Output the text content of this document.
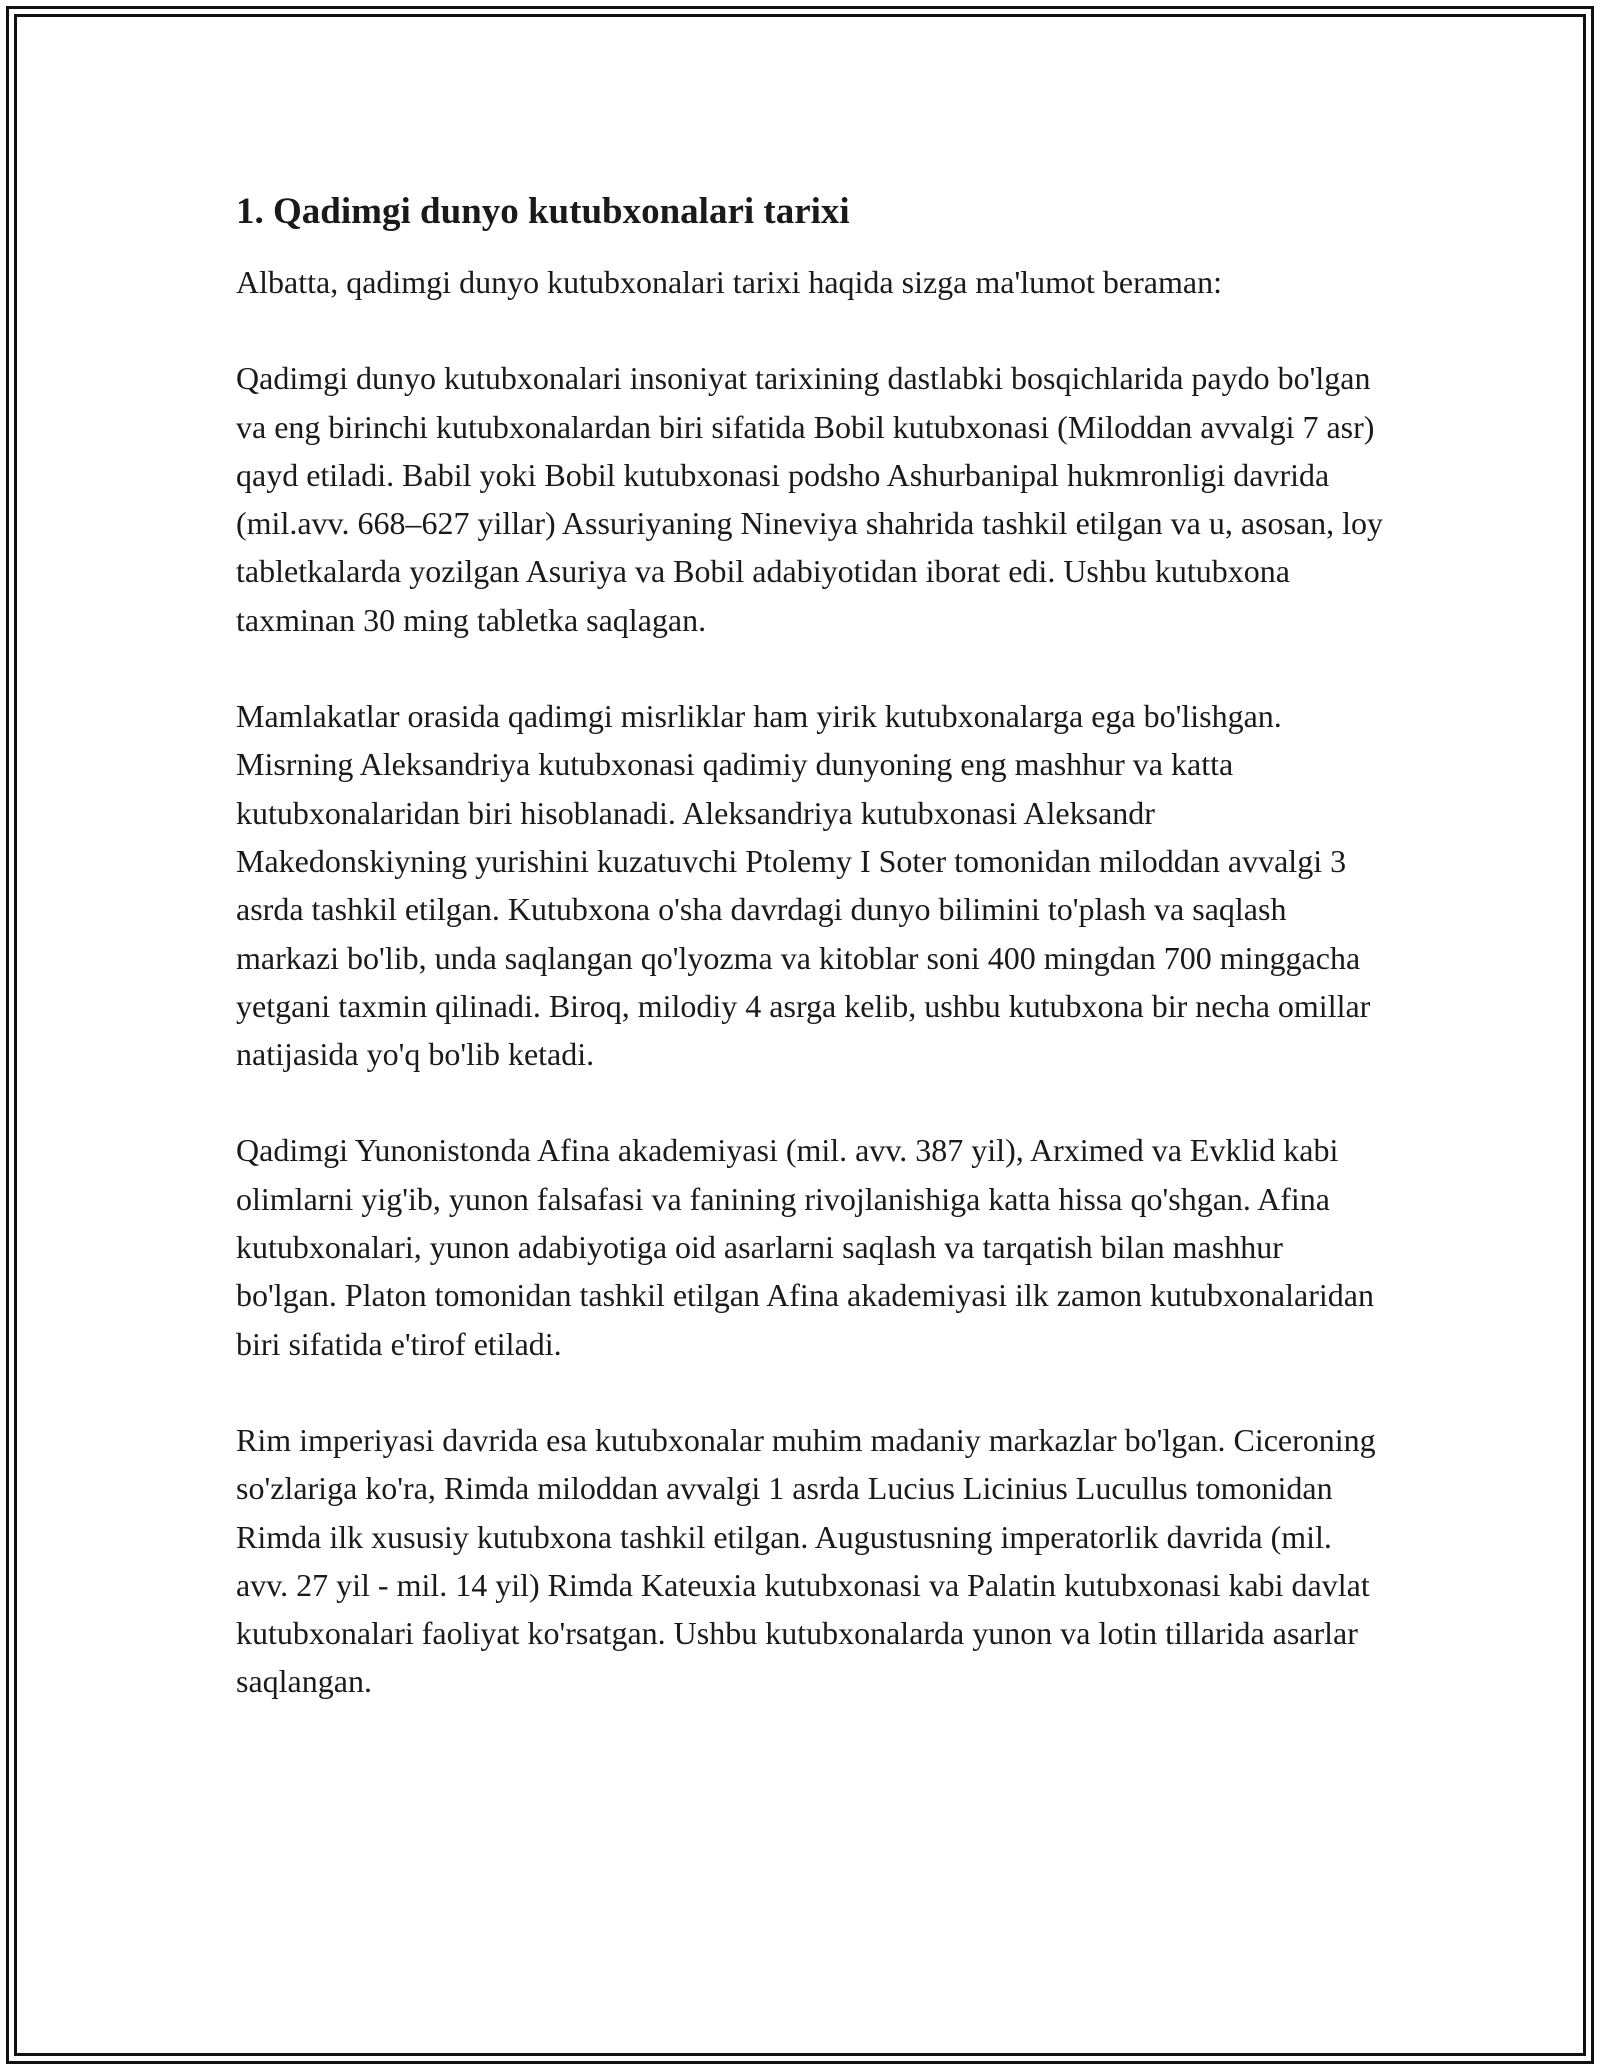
1. Qadimgi dunyo kutubxonalari tarixi

Albatta, qadimgi dunyo kutubxonalari tarixi haqida sizga ma'lumot beraman:

Qadimgi dunyo kutubxonalari insoniyat tarixining dastlabki bosqichlarida paydo bo'lgan va eng birinchi kutubxonalardan biri sifatida Bobil kutubxonasi (Miloddan avvalgi 7 asr) qayd etiladi. Babil yoki Bobil kutubxonasi podsho Ashurbanipal hukmronligi davrida (mil.avv. 668–627 yillar) Assuriyaning Nineviya shahrida tashkil etilgan va u, asosan, loy tabletkalarda yozilgan Asuriya va Bobil adabiyotidan iborat edi. Ushbu kutubxona taxminan 30 ming tabletka saqlagan.

Mamlakatlar orasida qadimgi misrliklar ham yirik kutubxonalarga ega bo'lishgan. Misrning Aleksandriya kutubxonasi qadimiy dunyoning eng mashhur va katta kutubxonalaridan biri hisoblanadi. Aleksandriya kutubxonasi Aleksandr Makedonskiyning yurishini kuzatuvchi Ptolemy I Soter tomonidan miloddan avvalgi 3 asrda tashkil etilgan. Kutubxona o'sha davrdagi dunyo bilimini to'plash va saqlash markazi bo'lib, unda saqlangan qo'lyozma va kitoblar soni 400 mingdan 700 minggacha yetgani taxmin qilinadi. Biroq, milodiy 4 asrga kelib, ushbu kutubxona bir necha omillar natijasida yo'q bo'lib ketadi.

Qadimgi Yunonistonda Afina akademiyasi (mil. avv. 387 yil), Arximed va Evklid kabi olimlarni yig'ib, yunon falsafasi va fanining rivojlanishiga katta hissa qo'shgan. Afina kutubxonalari, yunon adabiyotiga oid asarlarni saqlash va tarqatish bilan mashhur bo'lgan. Platon tomonidan tashkil etilgan Afina akademiyasi ilk zamon kutubxonalaridan biri sifatida e'tirof etiladi.

Rim imperiyasi davrida esa kutubxonalar muhim madaniy markazlar bo'lgan. Ciceroning so'zlariga ko'ra, Rimda miloddan avvalgi 1 asrda Lucius Licinius Lucullus tomonidan Rimda ilk xususiy kutubxona tashkil etilgan. Augustusning imperatorlik davrida (mil. avv. 27 yil - mil. 14 yil) Rimda Kateuxia kutubxonasi va Palatin kutubxonasi kabi davlat kutubxonalari faoliyat ko'rsatgan. Ushbu kutubxonalarda yunon va lotin tillarida asarlar saqlangan.
